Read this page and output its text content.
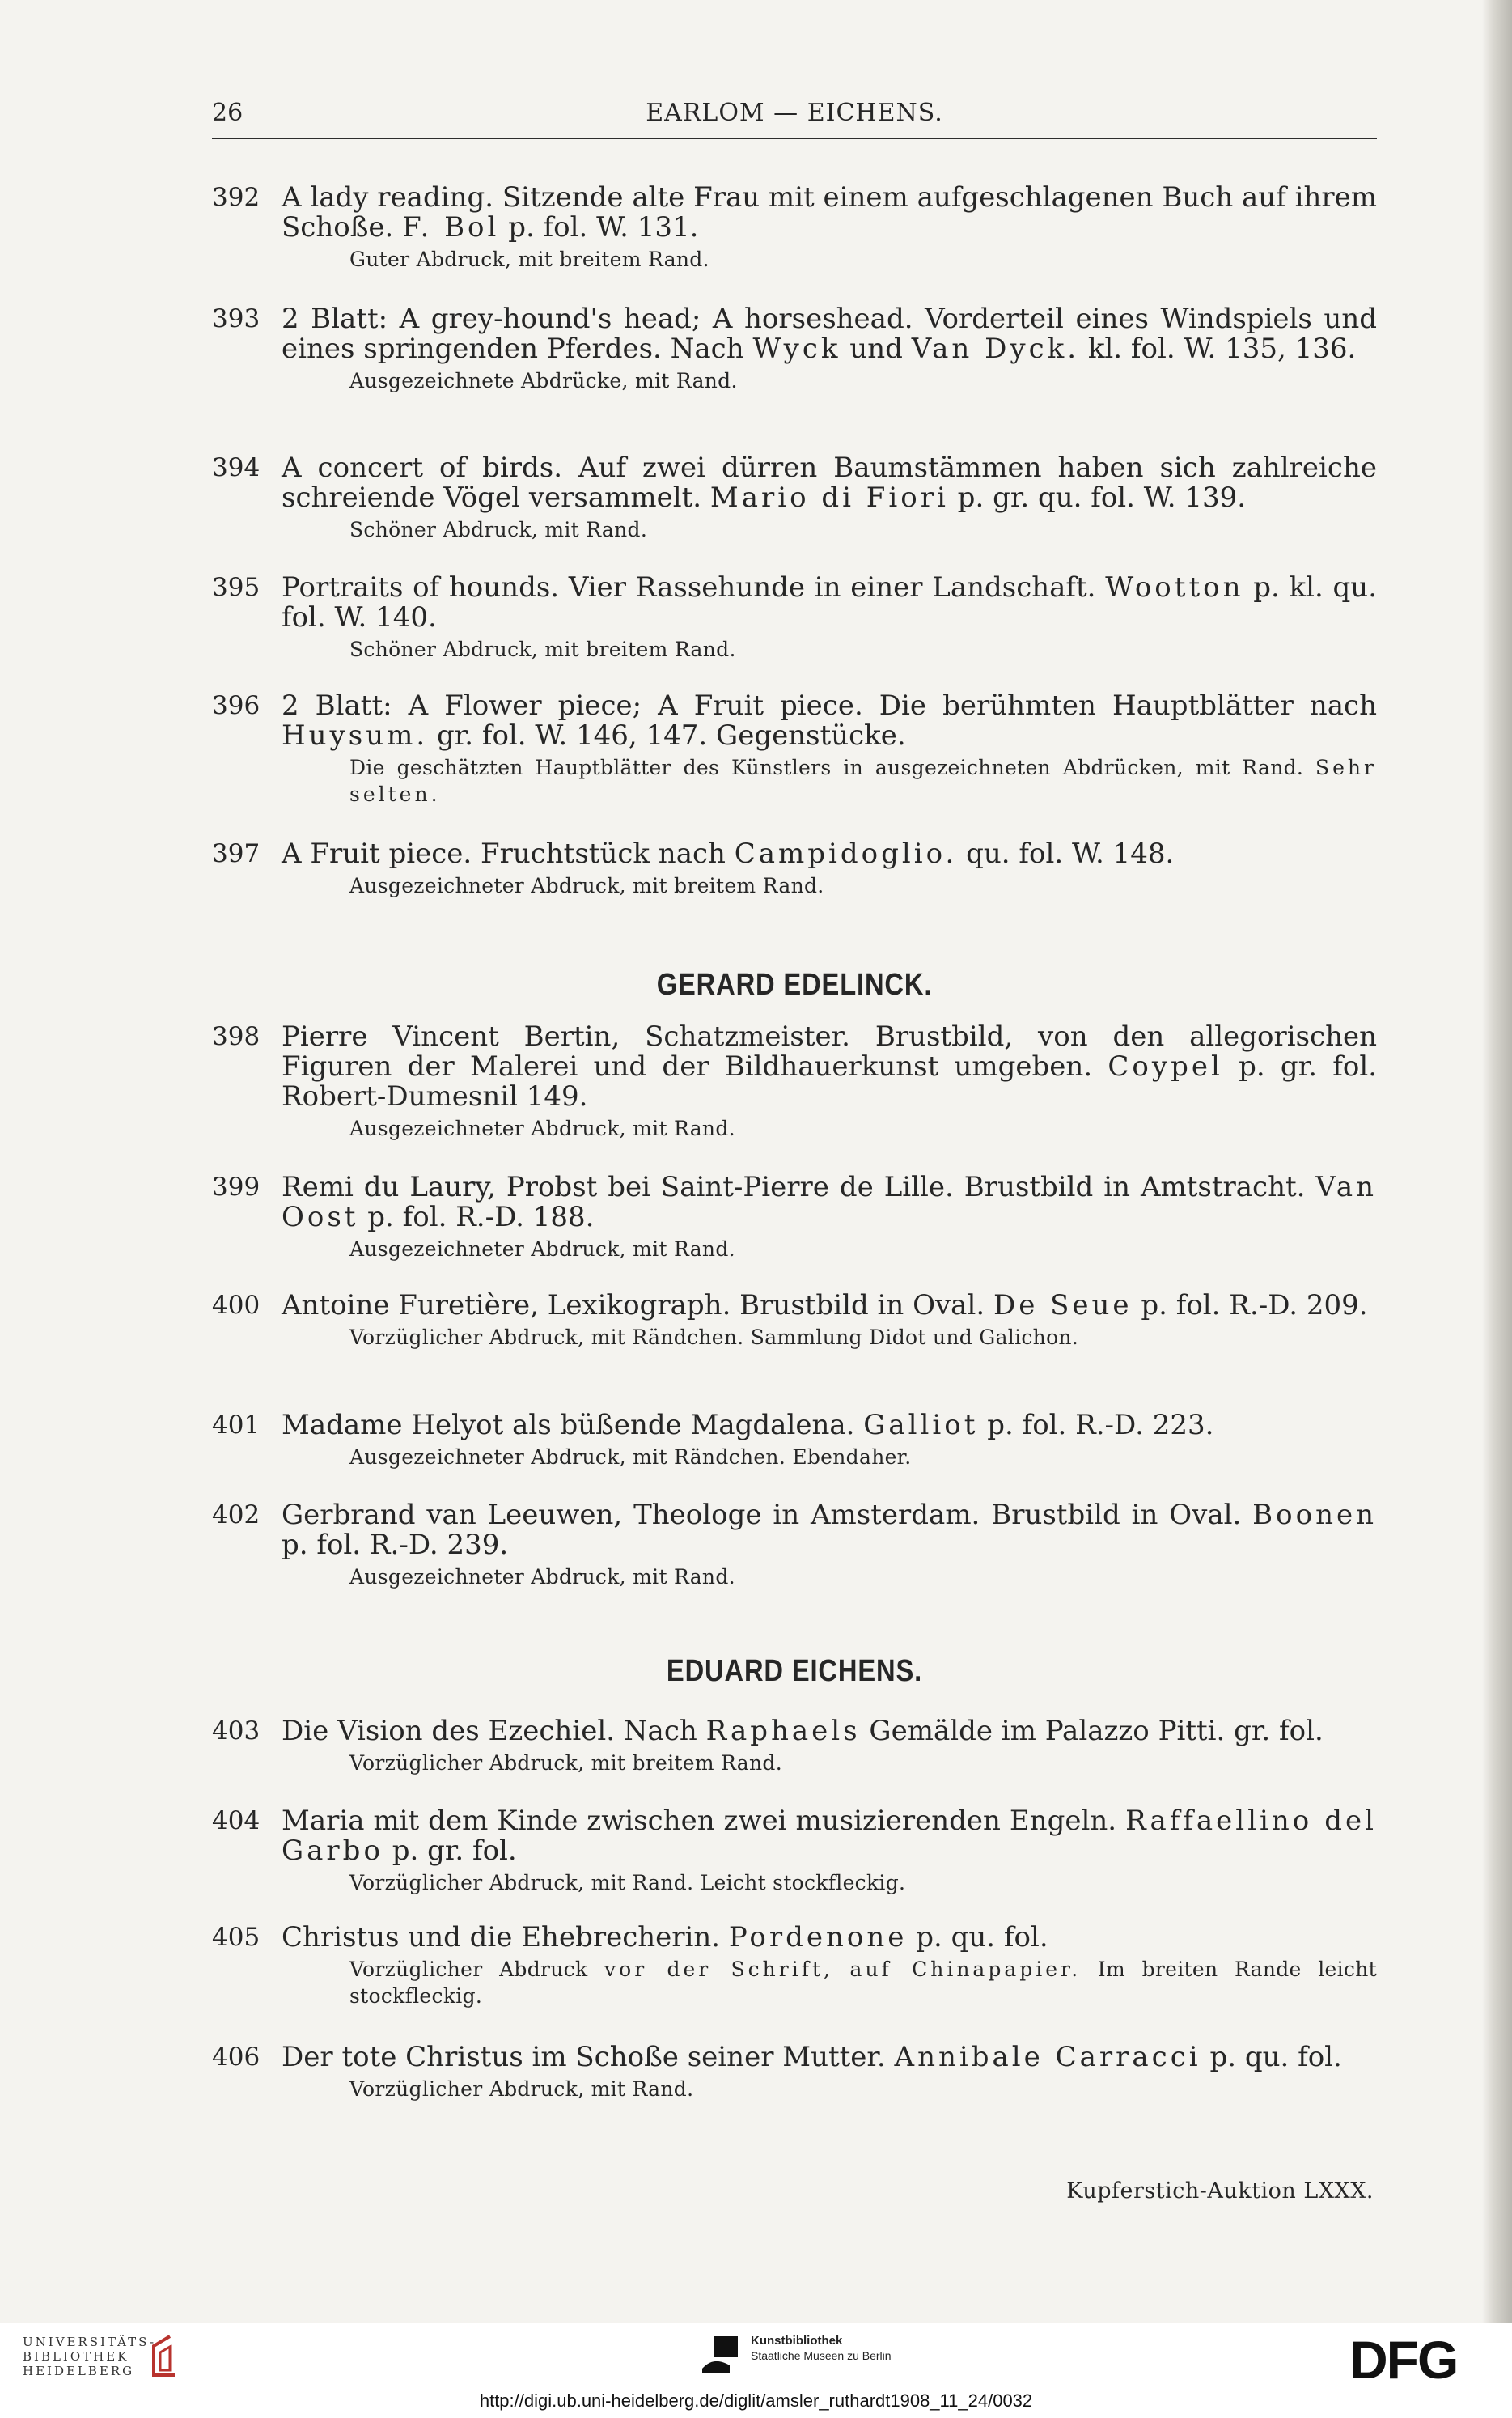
26	EARLOM — EICHENS.
392 A lady reading. Sitzende alte Frau mit einem aufgeschlagenen Buch auf ihrem Schoße. F. Bol p. fol. W. 131.
Guter Abdruck, mit breitem Rand.
393 2 Blatt: A grey-hound's head; A horseshead. Vorderteil eines Windspiels und eines springenden Pferdes. Nach Wyck und Van Dyck. kl. fol. W. 135, 136.
Ausgezeichnete Abdrücke, mit Rand.
394 A concert of birds. Auf zwei dürren Baumstämmen haben sich zahlreiche schreiende Vögel versammelt. Mario di Fiori p. gr. qu. fol. W. 139.
Schöner Abdruck, mit Rand.
395 Portraits of hounds. Vier Rassehunde in einer Landschaft. Wootton p. kl. qu. fol. W. 140.
Schöner Abdruck, mit breitem Rand.
396 2 Blatt: A Flower piece; A Fruit piece. Die berühmten Hauptblätter nach Huysum. gr. fol. W. 146, 147. Gegenstücke.
Die geschätzten Hauptblätter des Künstlers in ausgezeichneten Abdrücken, mit Rand. Sehr selten.
397 A Fruit piece. Fruchtstück nach Campidoglio. qu. fol. W. 148.
Ausgezeichneter Abdruck, mit breitem Rand.
GERARD EDELINCK.
398 Pierre Vincent Bertin, Schatzmeister. Brustbild, von den allegorischen Figuren der Malerei und der Bildhauerkunst umgeben. Coypel p. gr. fol. Robert-Dumesnil 149.
Ausgezeichneter Abdruck, mit Rand.
399 Remi du Laury, Probst bei Saint-Pierre de Lille. Brustbild in Amtstracht. Van Oost p. fol. R.-D. 188.
Ausgezeichneter Abdruck, mit Rand.
400 Antoine Furetière, Lexikograph. Brustbild in Oval. De Seue p. fol. R.-D. 209.
Vorzüglicher Abdruck, mit Rändchen. Sammlung Didot und Galichon.
401 Madame Helyot als büßende Magdalena. Galliot p. fol. R.-D. 223.
Ausgezeichneter Abdruck, mit Rändchen. Ebendaher.
402 Gerbrand van Leeuwen, Theologe in Amsterdam. Brustbild in Oval. Boonen p. fol. R.-D. 239.
Ausgezeichneter Abdruck, mit Rand.
EDUARD EICHENS.
403 Die Vision des Ezechiel. Nach Raphaels Gemälde im Palazzo Pitti. gr. fol.
Vorzüglicher Abdruck, mit breitem Rand.
404 Maria mit dem Kinde zwischen zwei musizierenden Engeln. Raffaellino del Garbo p. gr. fol.
Vorzüglicher Abdruck, mit Rand. Leicht stockfleckig.
405 Christus und die Ehebrecherin. Pordenone p. qu. fol.
Vorzüglicher Abdruck vor der Schrift, auf Chinapapier. Im breiten Rande leicht stockfleckig.
406 Der tote Christus im Schoße seiner Mutter. Annibale Carracci p. qu. fol.
Vorzüglicher Abdruck, mit Rand.
Kupferstich-Auktion LXXX.
UNIVERSITÄTS-
BIBLIOTHEK
HEIDELBERG
Kunstbibliothek
Staatliche Museen zu Berlin	DFG
http://digi.ub.uni-heidelberg.de/diglit/amsler_ruthardt1908_11_24/0032
